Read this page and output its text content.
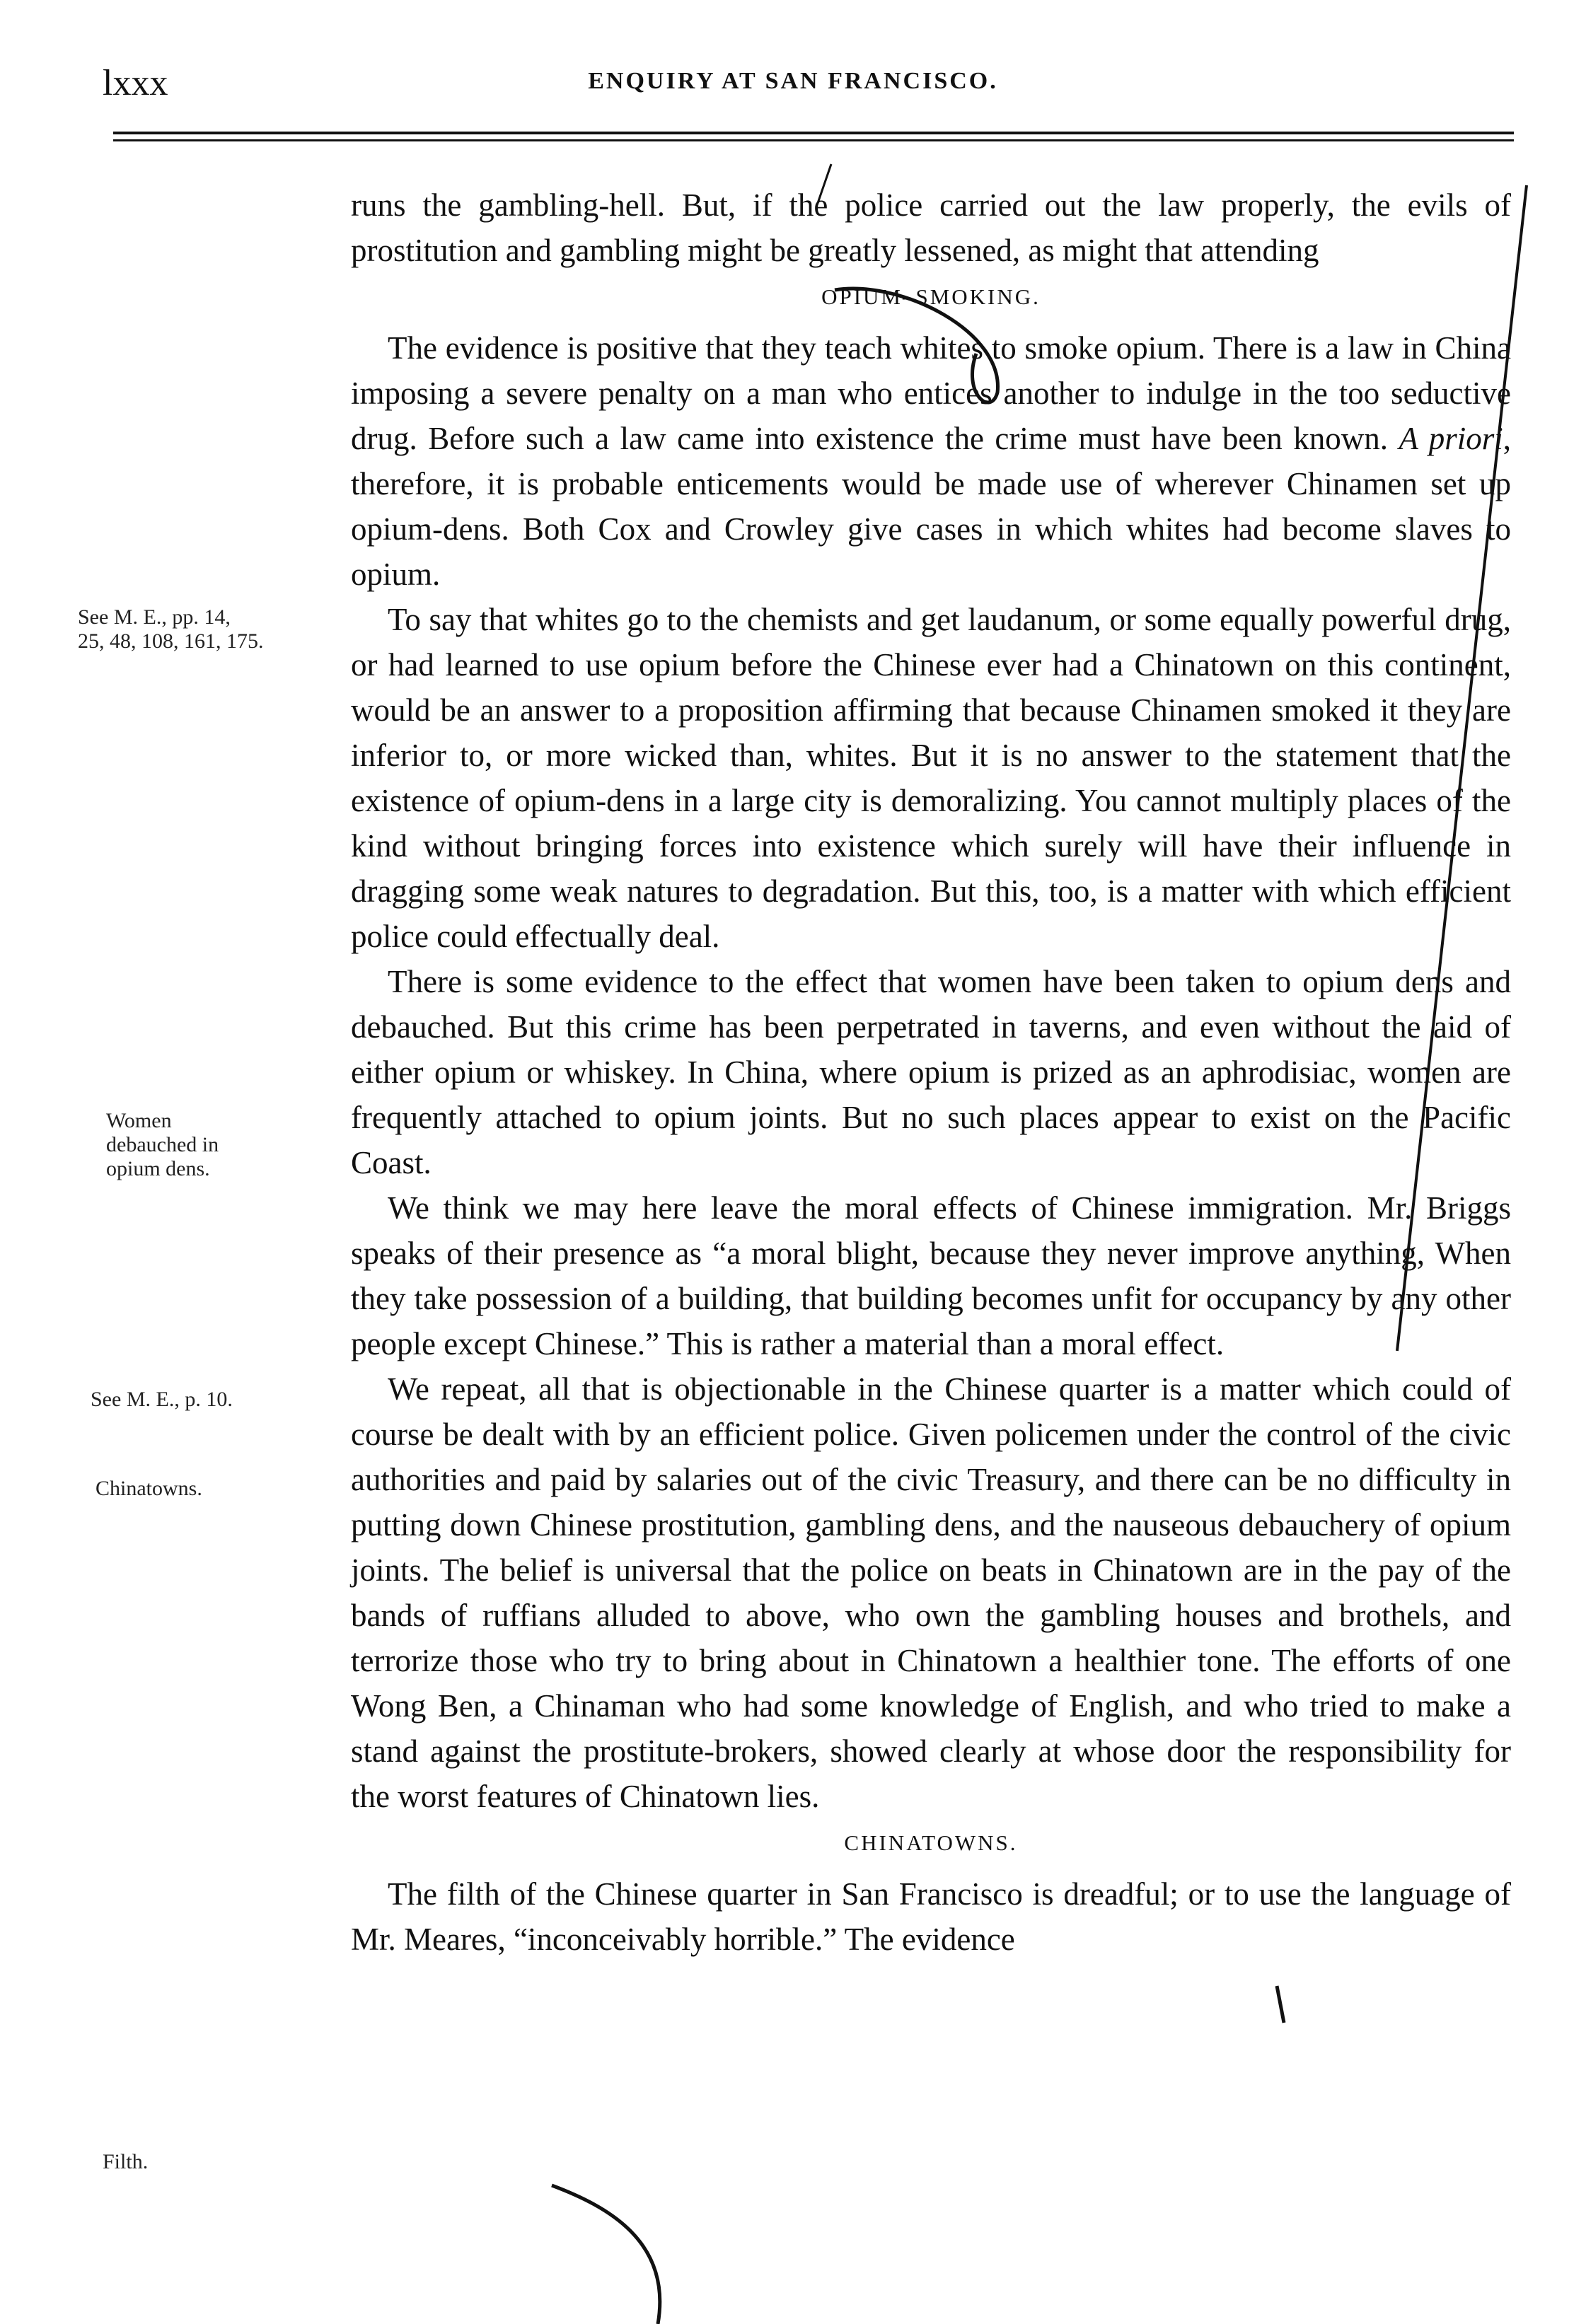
lxxx	ENQUIRY AT SAN FRANCISCO.

runs the gambling-hell. But, if the police carried out the law properly, the evils of prostitution and gambling might be greatly lessened, as might that attending

OPIUM–SMOKING.

The evidence is positive that they teach whites to smoke opium. There is a law in China imposing a severe penalty on a man who entices another to indulge in the too seductive drug. Before such a law came into existence the crime must have been known. A priori, therefore, it is probable enticements would be made use of wherever Chinamen set up opium-dens. Both Cox and Crowley give cases in which whites had become slaves to opium.

To say that whites go to the chemists and get laudanum, or some equally powerful drug, or had learned to use opium before the Chinese ever had a Chinatown on this continent, would be an answer to a proposition affirming that because Chinamen smoked it they are inferior to, or more wicked than, whites. But it is no answer to the statement that the existence of opium-dens in a large city is demoralizing. You cannot multiply places of the kind without bringing forces into existence which surely will have their influence in dragging some weak natures to degradation. But this, too, is a matter with which efficient police could effectually deal.

There is some evidence to the effect that women have been taken to opium dens and debauched. But this crime has been perpetrated in taverns, and even without the aid of either opium or whiskey. In China, where opium is prized as an aphrodisiac, women are frequently attached to opium joints. But no such places appear to exist on the Pacific Coast.

We think we may here leave the moral effects of Chinese immigration. Mr. Briggs speaks of their presence as “a moral blight, because they never improve anything, When they take possession of a building, that building becomes unfit for occupancy by any other people except Chinese.” This is rather a material than a moral effect.

We repeat, all that is objectionable in the Chinese quarter is a matter which could of course be dealt with by an efficient police. Given policemen under the control of the civic authorities and paid by salaries out of the civic Treasury, and there can be no difficulty in putting down Chinese prostitution, gambling dens, and the nauseous debauchery of opium joints. The belief is universal that the police on beats in Chinatown are in the pay of the bands of ruffians alluded to above, who own the gambling houses and brothels, and terrorize those who try to bring about in Chinatown a healthier tone. The efforts of one Wong Ben, a Chinaman who had some knowledge of English, and who tried to make a stand against the prostitute-brokers, showed clearly at whose door the responsibility for the worst features of Chinatown lies.

CHINATOWNS.

The filth of the Chinese quarter in San Francisco is dreadful; or to use the language of Mr. Meares, “inconceivably horrible.” The evidence

See M. E., pp. 14,
25, 48, 108, 161, 175.
Women
debauched in
opium dens.
See M. E., p. 10.
Chinatowns.
Filth.
